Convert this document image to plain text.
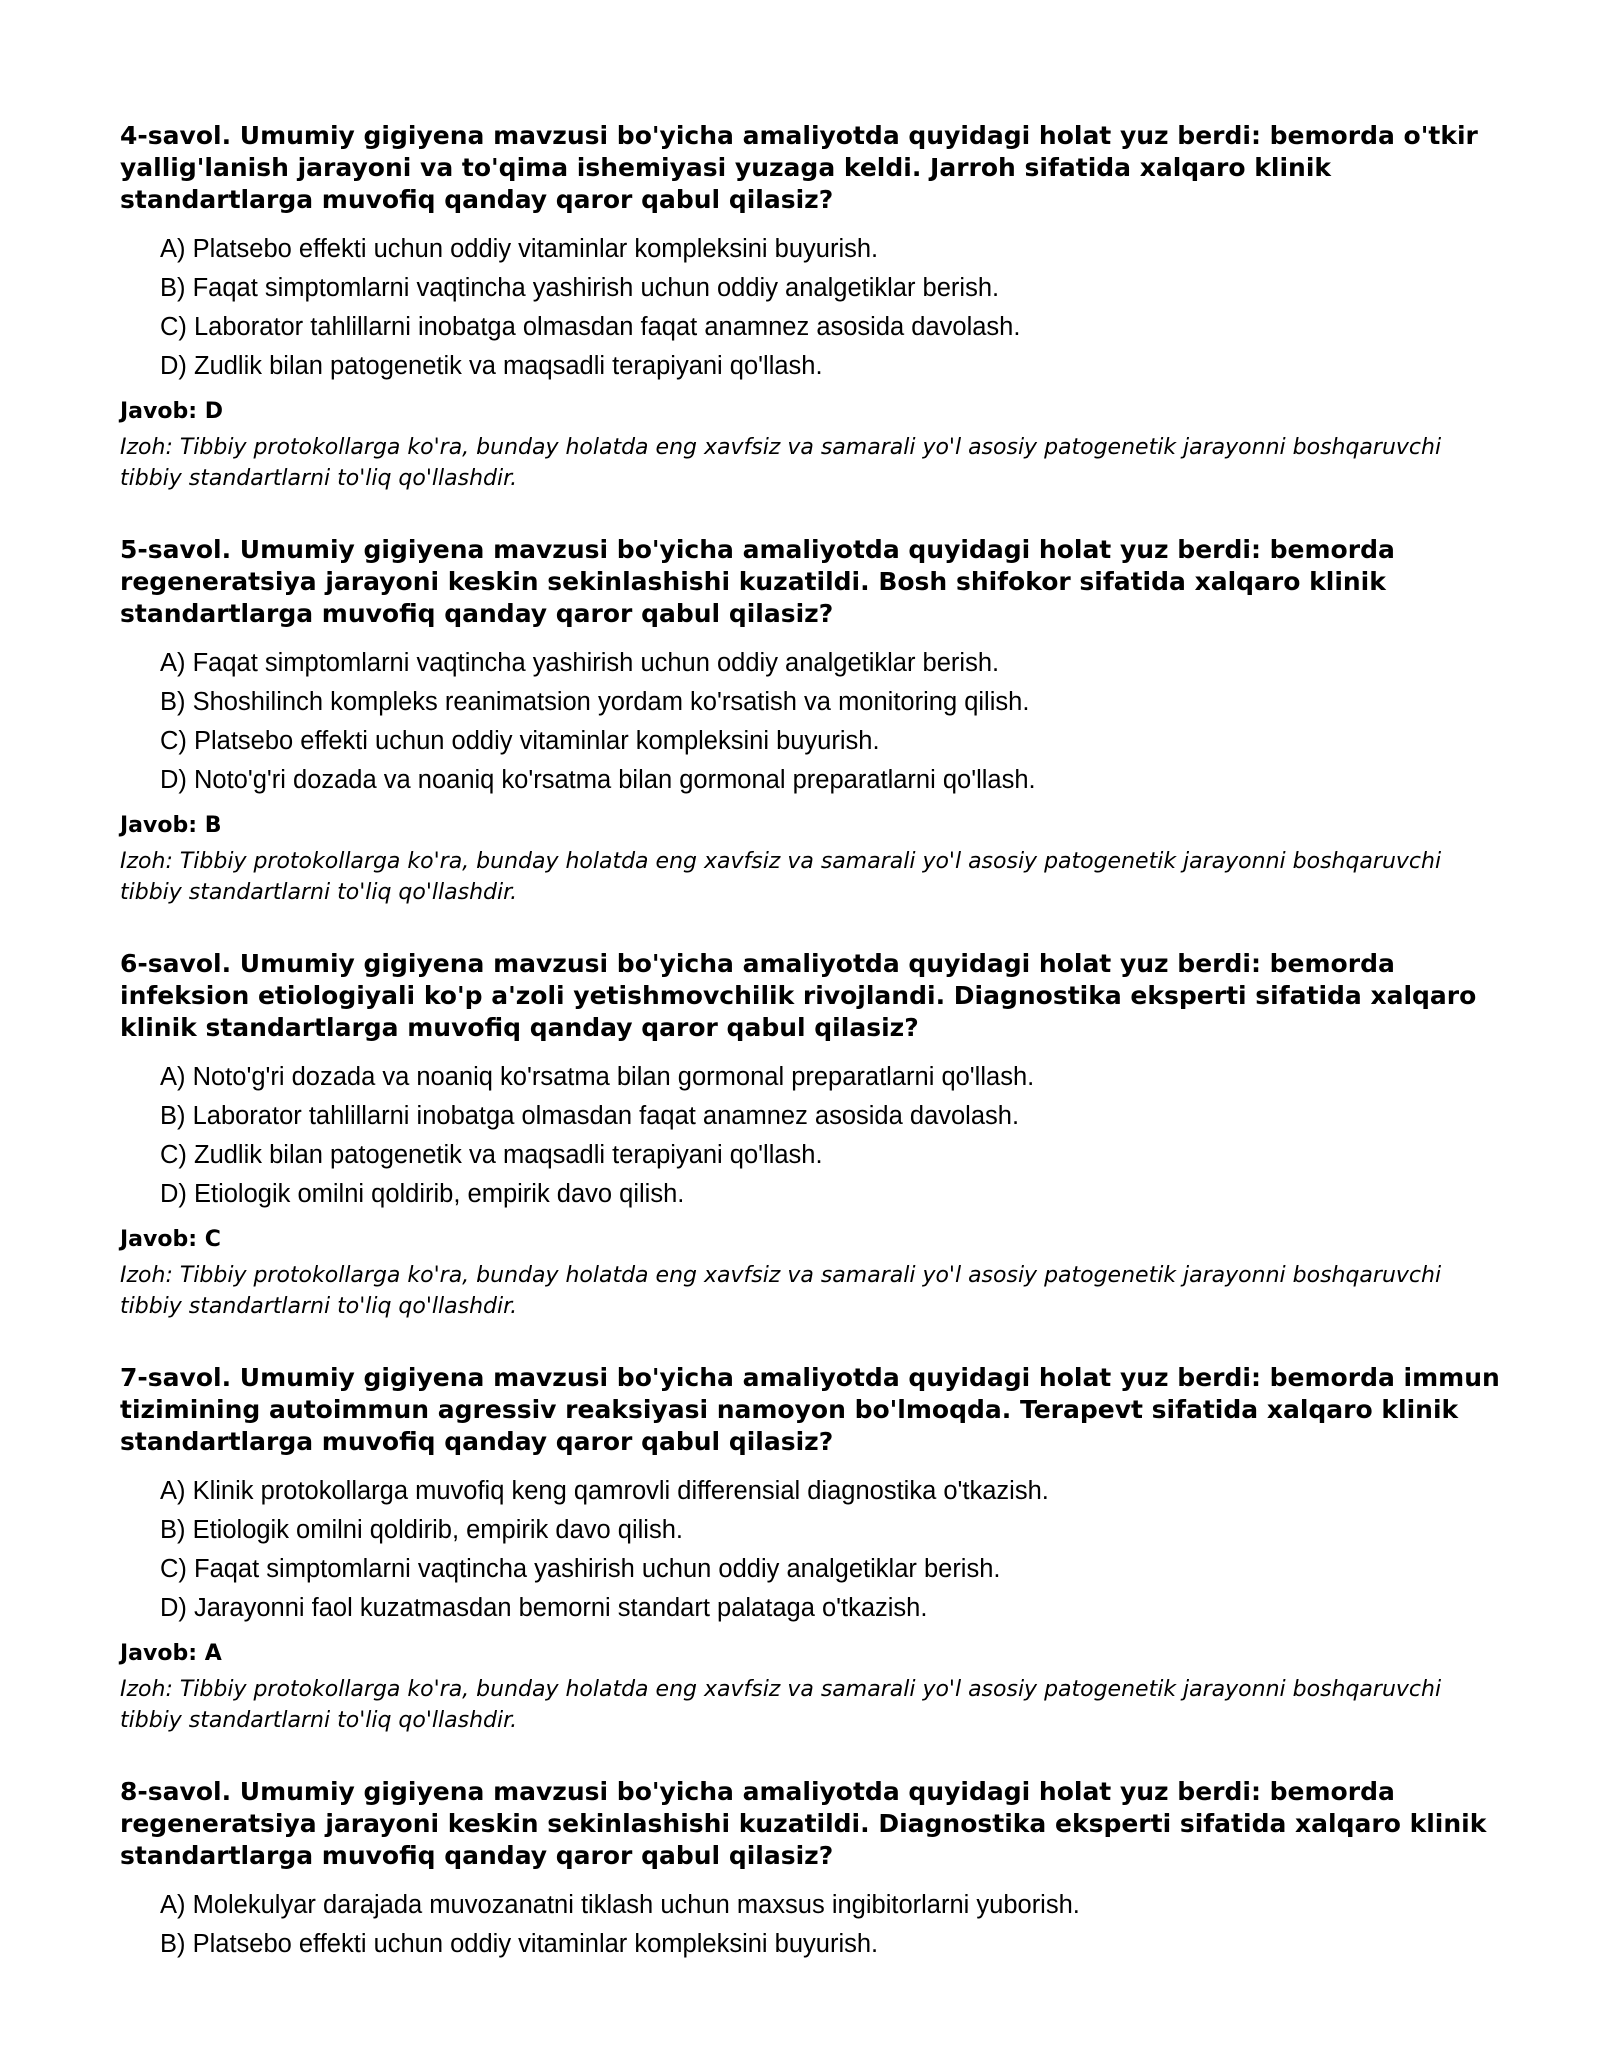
4-savol. Umumiy gigiyena mavzusi bo'yicha amaliyotda quyidagi holat yuz berdi: bemorda o'tkir yallig'lanish jarayoni va to'qima ishemiyasi yuzaga keldi. Jarroh sifatida xalqaro klinik standartlarga muvofiq qanday qaror qabul qilasiz?

A) Platsebo effekti uchun oddiy vitaminlar kompleksini buyurish.
B) Faqat simptomlarni vaqtincha yashirish uchun oddiy analgetiklar berish.
C) Laborator tahlillarni inobatga olmasdan faqat anamnez asosida davolash.
D) Zudlik bilan patogenetik va maqsadli terapiyani qo'llash.

Javob: D

Izoh: Tibbiy protokollarga ko'ra, bunday holatda eng xavfsiz va samarali yo'l asosiy patogenetik jarayonni boshqaruvchi tibbiy standartlarni to'liq qo'llashdir.

5-savol. Umumiy gigiyena mavzusi bo'yicha amaliyotda quyidagi holat yuz berdi: bemorda regeneratsiya jarayoni keskin sekinlashishi kuzatildi. Bosh shifokor sifatida xalqaro klinik standartlarga muvofiq qanday qaror qabul qilasiz?

A) Faqat simptomlarni vaqtincha yashirish uchun oddiy analgetiklar berish.
B) Shoshilinch kompleks reanimatsion yordam ko'rsatish va monitoring qilish.
C) Platsebo effekti uchun oddiy vitaminlar kompleksini buyurish.
D) Noto'g'ri dozada va noaniq ko'rsatma bilan gormonal preparatlarni qo'llash.

Javob: B

Izoh: Tibbiy protokollarga ko'ra, bunday holatda eng xavfsiz va samarali yo'l asosiy patogenetik jarayonni boshqaruvchi tibbiy standartlarni to'liq qo'llashdir.

6-savol. Umumiy gigiyena mavzusi bo'yicha amaliyotda quyidagi holat yuz berdi: bemorda infeksion etiologiyali ko'p a'zoli yetishmovchilik rivojlandi. Diagnostika eksperti sifatida xalqaro klinik standartlarga muvofiq qanday qaror qabul qilasiz?

A) Noto'g'ri dozada va noaniq ko'rsatma bilan gormonal preparatlarni qo'llash.
B) Laborator tahlillarni inobatga olmasdan faqat anamnez asosida davolash.
C) Zudlik bilan patogenetik va maqsadli terapiyani qo'llash.
D) Etiologik omilni qoldirib, empirik davo qilish.

Javob: C

Izoh: Tibbiy protokollarga ko'ra, bunday holatda eng xavfsiz va samarali yo'l asosiy patogenetik jarayonni boshqaruvchi tibbiy standartlarni to'liq qo'llashdir.

7-savol. Umumiy gigiyena mavzusi bo'yicha amaliyotda quyidagi holat yuz berdi: bemorda immun tizimining autoimmun agressiv reaksiyasi namoyon bo'lmoqda. Terapevt sifatida xalqaro klinik standartlarga muvofiq qanday qaror qabul qilasiz?

A) Klinik protokollarga muvofiq keng qamrovli differensial diagnostika o'tkazish.
B) Etiologik omilni qoldirib, empirik davo qilish.
C) Faqat simptomlarni vaqtincha yashirish uchun oddiy analgetiklar berish.
D) Jarayonni faol kuzatmasdan bemorni standart palataga o'tkazish.

Javob: A

Izoh: Tibbiy protokollarga ko'ra, bunday holatda eng xavfsiz va samarali yo'l asosiy patogenetik jarayonni boshqaruvchi tibbiy standartlarni to'liq qo'llashdir.

8-savol. Umumiy gigiyena mavzusi bo'yicha amaliyotda quyidagi holat yuz berdi: bemorda regeneratsiya jarayoni keskin sekinlashishi kuzatildi. Diagnostika eksperti sifatida xalqaro klinik standartlarga muvofiq qanday qaror qabul qilasiz?

A) Molekulyar darajada muvozanatni tiklash uchun maxsus ingibitorlarni yuborish.
B) Platsebo effekti uchun oddiy vitaminlar kompleksini buyurish.
